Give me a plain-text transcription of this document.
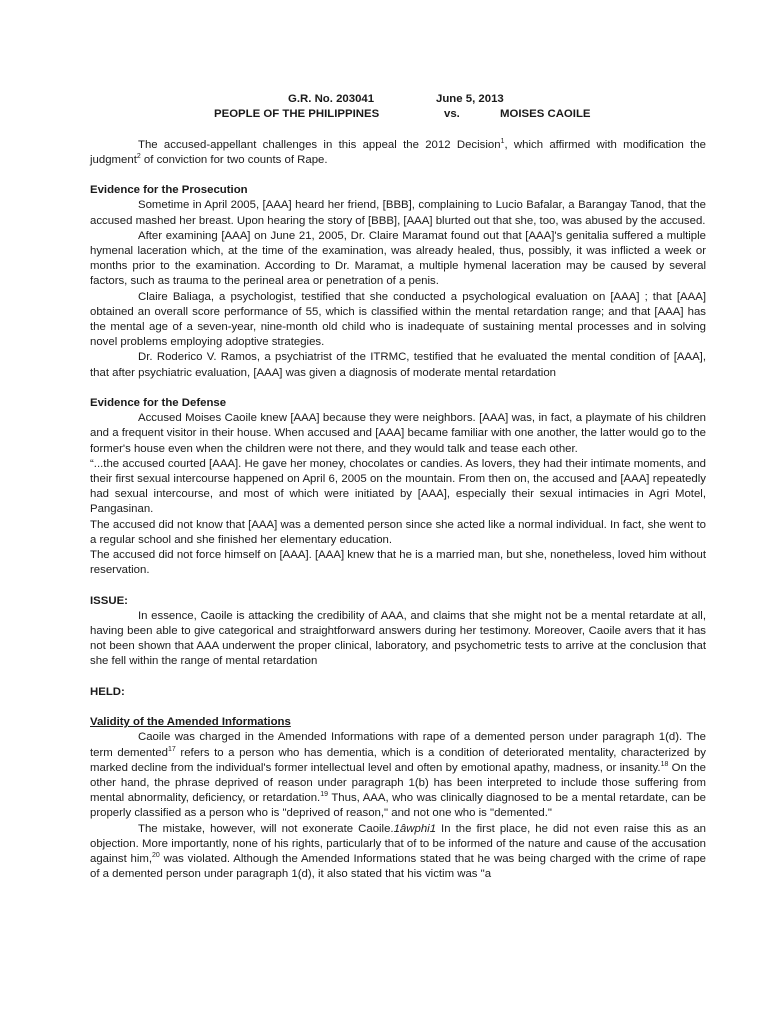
G.R. No. 203041	June 5, 2013
PEOPLE OF THE PHILIPPINES	vs.	MOISES CAOILE

The accused-appellant challenges in this appeal the 2012 Decision$^1$, which affirmed with modification the judgment$^2$ of conviction for two counts of Rape.

Evidence for the Prosecution

Sometime in April 2005, [AAA] heard her friend, [BBB], complaining to Lucio Bafalar, a Barangay Tanod, that the accused mashed her breast. Upon hearing the story of [BBB], [AAA] blurted out that she, too, was abused by the accused.

After examining [AAA] on June 21, 2005, Dr. Claire Maramat found out that [AAA]'s genitalia suffered a multiple hymenal laceration which, at the time of the examination, was already healed, thus, possibly, it was inflicted a week or months prior to the examination. According to Dr. Maramat, a multiple hymenal laceration may be caused by several factors, such as trauma to the perineal area or penetration of a penis.

Claire Baliaga, a psychologist, testified that she conducted a psychological evaluation on [AAA] ; that [AAA] obtained an overall score performance of 55, which is classified within the mental retardation range; and that [AAA] has the mental age of a seven-year, nine-month old child who is inadequate of sustaining mental processes and in solving novel problems employing adoptive strategies.

Dr. Roderico V. Ramos, a psychiatrist of the ITRMC, testified that he evaluated the mental condition of [AAA], that after psychiatric evaluation, [AAA] was given a diagnosis of moderate mental retardation

Evidence for the Defense

Accused Moises Caoile knew [AAA] because they were neighbors. [AAA] was, in fact, a playmate of his children and a frequent visitor in their house. When accused and [AAA] became familiar with one another, the latter would go to the former's house even when the children were not there, and they would talk and tease each other.

“...the accused courted [AAA]. He gave her money, chocolates or candies. As lovers, they had their intimate moments, and their first sexual intercourse happened on April 6, 2005 on the mountain. From then on, the accused and [AAA] repeatedly had sexual intercourse, and most of which were initiated by [AAA], especially their sexual intimacies in Agri Motel, Pangasinan.

The accused did not know that [AAA] was a demented person since she acted like a normal individual. In fact, she went to a regular school and she finished her elementary education.

The accused did not force himself on [AAA]. [AAA] knew that he is a married man, but she, nonetheless, loved him without reservation.

ISSUE:

In essence, Caoile is attacking the credibility of AAA, and claims that she might not be a mental retardate at all, having been able to give categorical and straightforward answers during her testimony. Moreover, Caoile avers that it has not been shown that AAA underwent the proper clinical, laboratory, and psychometric tests to arrive at the conclusion that she fell within the range of mental retardation

HELD:

Validity of the Amended Informations

Caoile was charged in the Amended Informations with rape of a demented person under paragraph 1(d). The term demented$^{17}$ refers to a person who has dementia, which is a condition of deteriorated mentality, characterized by marked decline from the individual's former intellectual level and often by emotional apathy, madness, or insanity.$^{18}$ On the other hand, the phrase deprived of reason under paragraph 1(b) has been interpreted to include those suffering from mental abnormality, deficiency, or retardation.$^{19}$ Thus, AAA, who was clinically diagnosed to be a mental retardate, can be properly classified as a person who is "deprived of reason," and not one who is "demented."

The mistake, however, will not exonerate Caoile.1âwphi1 In the first place, he did not even raise this as an objection. More importantly, none of his rights, particularly that of to be informed of the nature and cause of the accusation against him,$^{20}$ was violated. Although the Amended Informations stated that he was being charged with the crime of rape of a demented person under paragraph 1(d), it also stated that his victim was "a
